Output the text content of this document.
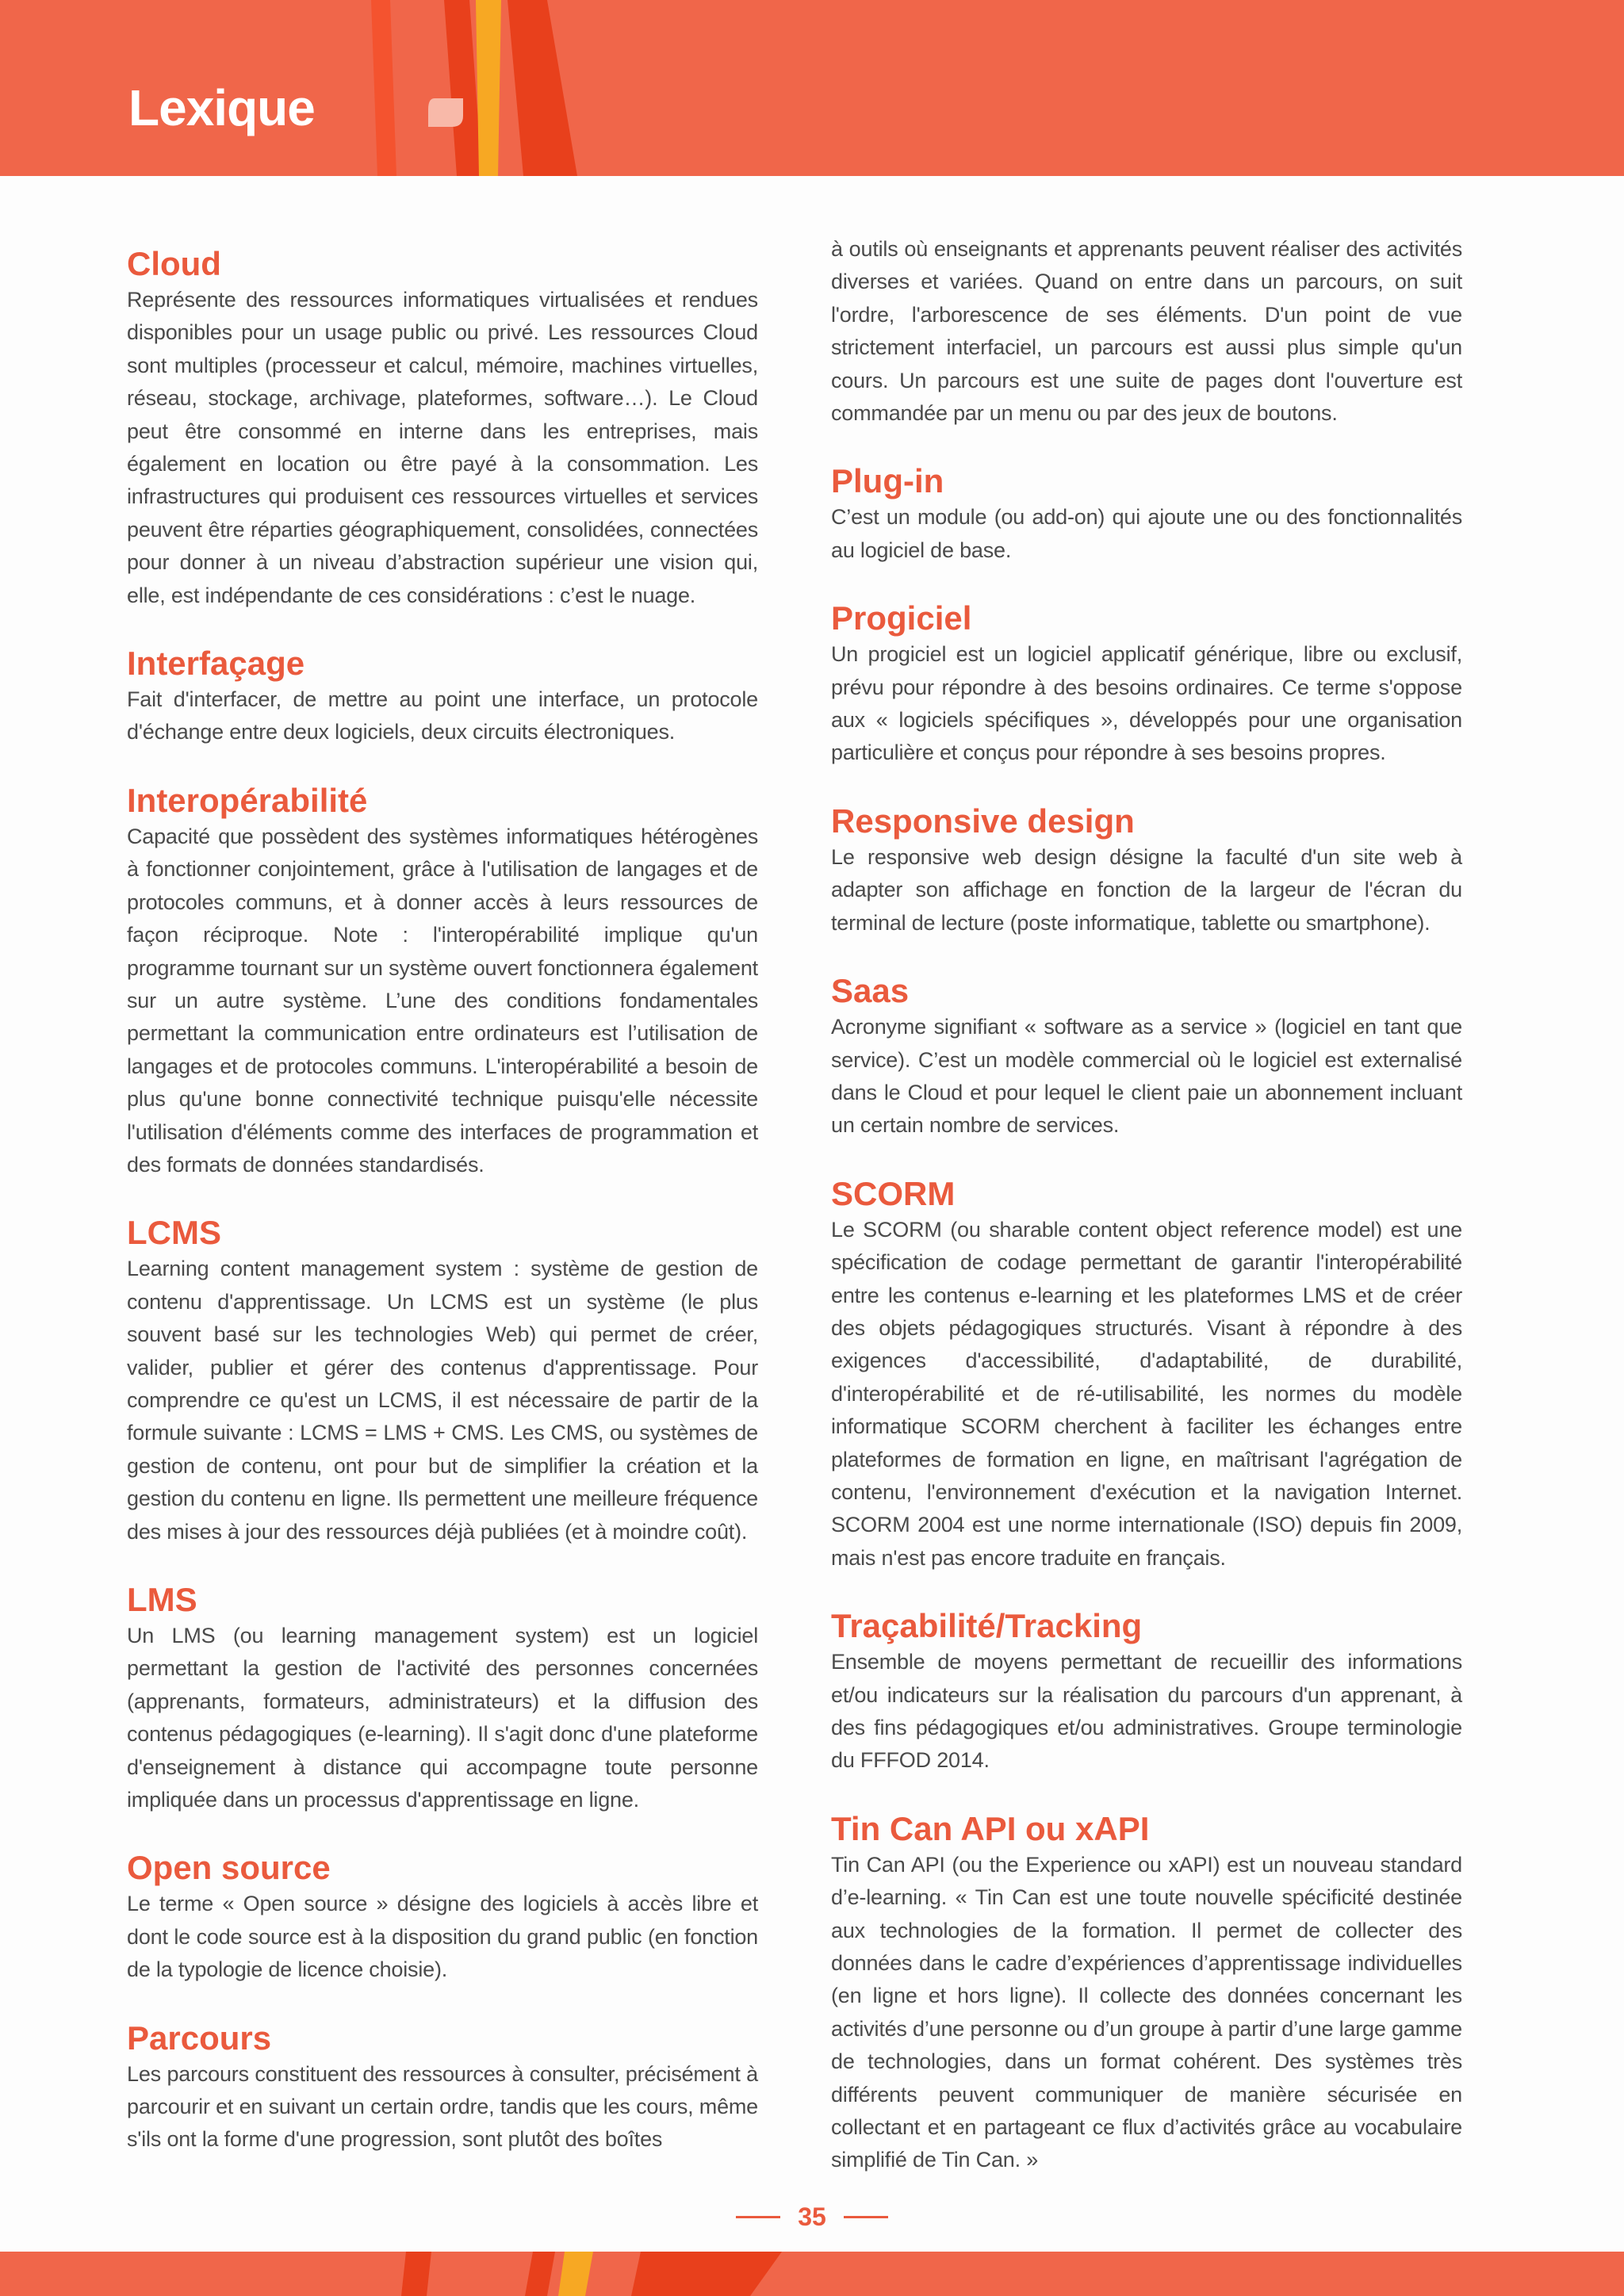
Lexique
Cloud

Représente des ressources informatiques virtualisées et rendues disponibles pour un usage public ou privé. Les ressources Cloud sont multiples (processeur et calcul, mémoire, machines virtuelles, réseau, stockage, archivage, plateformes, software…). Le Cloud peut être consommé en interne dans les entreprises, mais également en location ou être payé à la consommation. Les infrastructures qui produisent ces ressources virtuelles et services peuvent être réparties géographiquement, consolidées, connectées pour donner à un niveau d’abstraction supérieur une vision qui, elle, est indépendante de ces considérations : c’est le nuage.

Interfaçage

Fait d'interfacer, de mettre au point une interface, un protocole d'échange entre deux logiciels, deux circuits électroniques.

Interopérabilité

Capacité que possèdent des systèmes informatiques hétérogènes à fonctionner conjointement, grâce à l'utilisation de langages et de protocoles communs, et à donner accès à leurs ressources de façon réciproque. Note : l'interopérabilité implique qu'un programme tournant sur un système ouvert fonctionnera également sur un autre système. L’une des conditions fondamentales permettant la communication entre ordinateurs est l’utilisation de langages et de protocoles communs. L'interopérabilité a besoin de plus qu'une bonne connectivité technique puisqu'elle nécessite l'utilisation d'éléments comme des interfaces de programmation et des formats de données standardisés.

LCMS

Learning content management system : système de gestion de contenu d'apprentissage. Un LCMS est un système (le plus souvent basé sur les technologies Web) qui permet de créer, valider, publier et gérer des contenus d'apprentissage. Pour comprendre ce qu'est un LCMS, il est nécessaire de partir de la formule suivante : LCMS = LMS + CMS. Les CMS, ou systèmes de gestion de contenu, ont pour but de simplifier la création et la gestion du contenu en ligne. Ils permettent une meilleure fréquence des mises à jour des ressources déjà publiées (et à moindre coût).

LMS

Un LMS (ou learning management system) est un logiciel permettant la gestion de l'activité des personnes concernées (apprenants, formateurs, administrateurs) et la diffusion des contenus pédagogiques (e-learning). Il s'agit donc d'une plateforme d'enseignement à distance qui accompagne toute personne impliquée dans un processus d'apprentissage en ligne.

Open source

Le terme « Open source » désigne des logiciels à accès libre et dont le code source est à la disposition du grand public (en fonction de la typologie de licence choisie).

Parcours

Les parcours constituent des ressources à consulter, précisément à parcourir et en suivant un certain ordre, tandis que les cours, même s'ils ont la forme d'une progression, sont plutôt des boîtes

à outils où enseignants et apprenants peuvent réaliser des activités diverses et variées. Quand on entre dans un parcours, on suit l'ordre, l'arborescence de ses éléments. D'un point de vue strictement interfaciel, un parcours est aussi plus simple qu'un cours. Un parcours est une suite de pages dont l'ouverture est commandée par un menu ou par des jeux de boutons.

Plug-in

C’est un module (ou add-on) qui ajoute une ou des fonctionnalités au logiciel de base.

Progiciel

Un progiciel est un logiciel applicatif générique, libre ou exclusif, prévu pour répondre à des besoins ordinaires. Ce terme s'oppose aux « logiciels spécifiques », développés pour une organisation particulière et conçus pour répondre à ses besoins propres.

Responsive design

Le responsive web design désigne la faculté d'un site web à adapter son affichage en fonction de la largeur de l'écran du terminal de lecture (poste informatique, tablette ou smartphone).

Saas

Acronyme signifiant « software as a service » (logiciel en tant que service). C’est un modèle commercial où le logiciel est externalisé dans le Cloud et pour lequel le client paie un abonnement incluant un certain nombre de services.

SCORM

Le SCORM (ou sharable content object reference model) est une spécification de codage permettant de garantir l'interopérabilité entre les contenus e-learning et les plateformes LMS et de créer des objets pédagogiques structurés. Visant à répondre à des exigences d'accessibilité, d'adaptabilité, de durabilité, d'interopérabilité et de ré-utilisabilité, les normes du modèle informatique SCORM cherchent à faciliter les échanges entre plateformes de formation en ligne, en maîtrisant l'agrégation de contenu, l'environnement d'exécution et la navigation Internet. SCORM 2004 est une norme internationale (ISO) depuis fin 2009, mais n'est pas encore traduite en français.

Traçabilité/Tracking

Ensemble de moyens permettant de recueillir des informations et/ou indicateurs sur la réalisation du parcours d'un apprenant, à des fins pédagogiques et/ou administratives. Groupe terminologie du FFFOD 2014.

Tin Can API ou xAPI

Tin Can API (ou the Experience ou xAPI) est un nouveau standard d’e-learning. « Tin Can est une toute nouvelle spécificité destinée aux technologies de la formation. Il permet de collecter des données dans le cadre d’expériences d’apprentissage individuelles (en ligne et hors ligne). Il collecte des données concernant les activités d’une personne ou d’un groupe à partir d’une large gamme de technologies, dans un format cohérent. Des systèmes très différents peuvent communiquer de manière sécurisée en collectant et en partageant ce flux d’activités grâce au vocabulaire simplifié de Tin Can. »

35
